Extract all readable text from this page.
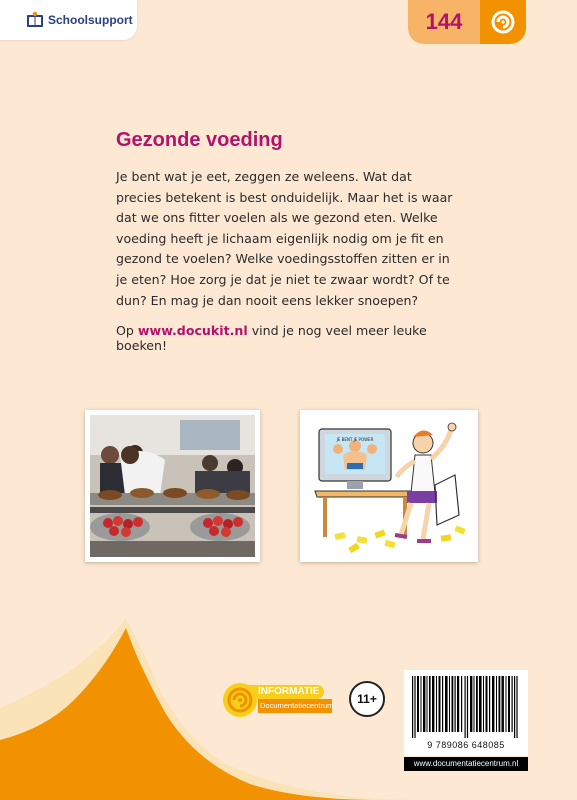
Schoolsupport	144
Gezonde voeding

Je bent wat je eet, zeggen ze weleens. Wat dat precies betekent is best onduidelijk. Maar het is waar dat we ons fitter voelen als we gezond eten. Welke voeding heeft je lichaam eigenlijk nodig om je fit en gezond te voelen? Welke voedingsstoffen zitten er in je eten? Hoe zorg je dat je niet te zwaar wordt? Of te dun? En mag je dan nooit eens lekker snoepen?

Op www.docukit.nl vind je nog veel meer leuke boeken!

JE BENT JE POWER
INFORMATIE
Documentatiecentrum	11+
9 789086 648085
www.documentatiecentrum.nl
